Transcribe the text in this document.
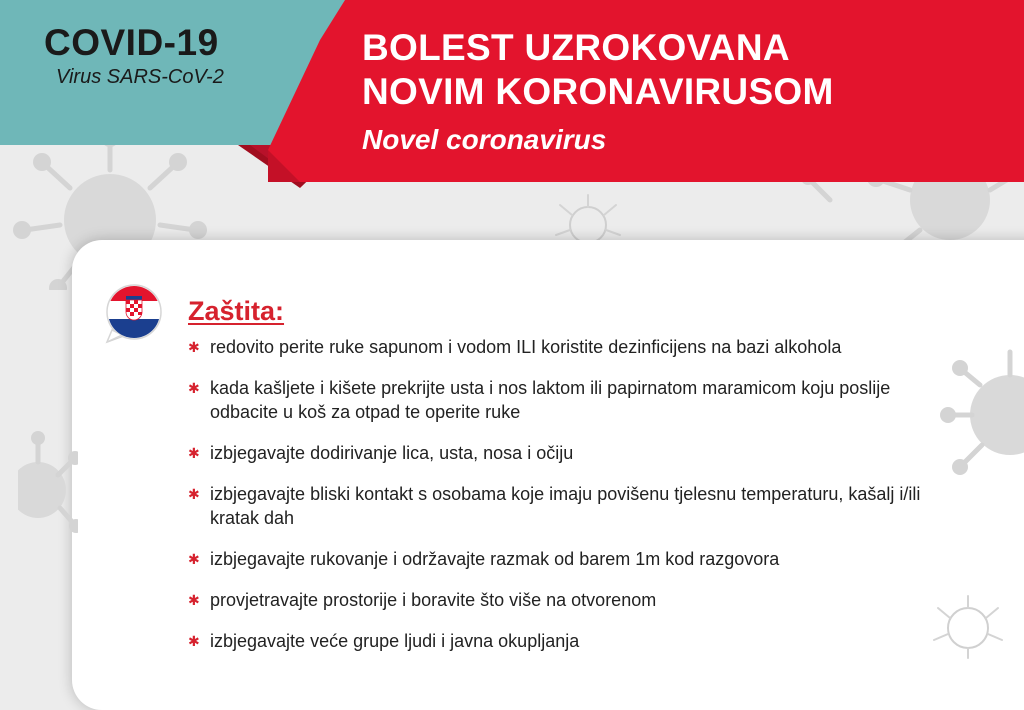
COVID-19
Virus SARS-CoV-2
BOLEST UZROKOVANA
NOVIM KORONAVIRUSOM
Novel coronavirus
Zaštita:
✱ redovito perite ruke sapunom i vodom ILI koristite dezinficijens na bazi alkohola
✱ kada kašljete i kišete prekrijte usta i nos laktom ili papirnatom maramicom koju poslije odbacite u koš za otpad te operite ruke
✱ izbjegavajte dodirivanje lica, usta, nosa i očiju
✱ izbjegavajte bliski kontakt s osobama koje imaju povišenu tjelesnu temperaturu, kašalj i/ili kratak dah
✱ izbjegavajte rukovanje i održavajte razmak od barem 1m kod razgovora
✱ provjetravajte prostorije i boravite što više na otvorenom
✱ izbjegavajte veće grupe ljudi i javna okupljanja
